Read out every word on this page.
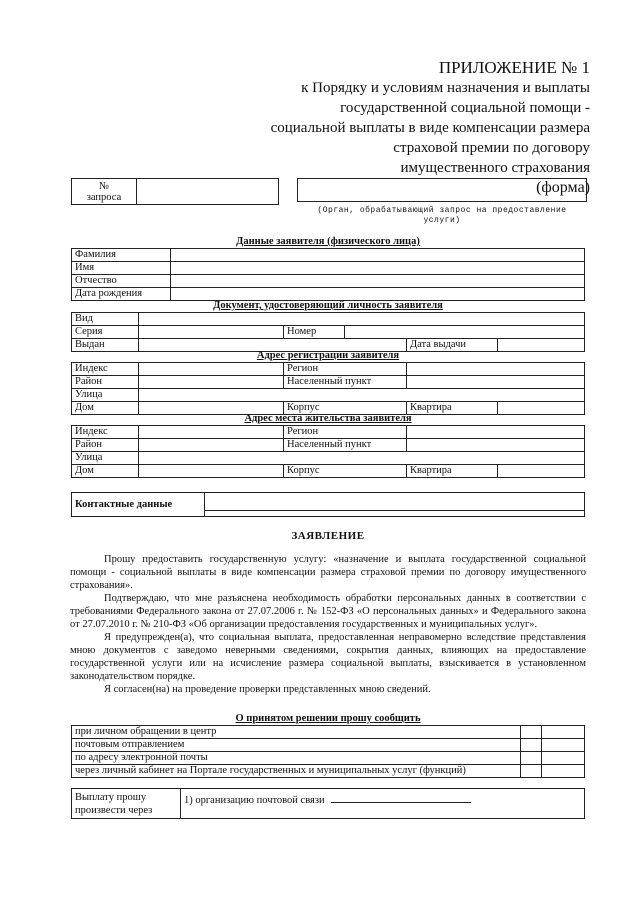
ПРИЛОЖЕНИЕ № 1
к Порядку и условиям назначения и выплаты
государственной социальной помощи -
социальной выплаты в виде компенсации размера
страховой премии по договору
имущественного страхования
(форма)
№
запроса

(Орган, обрабатывающий запрос на предоставление услуги)
Данные заявителя (физического лица)
Фамилия	
Имя	
Отчество	
Дата рождения	
Документ, удостоверяющий личность заявителя
Вид					
Серия		Номер			
Выдан				Дата выдачи	
Адрес регистрации заявителя
Индекс		Регион		
Район		Населенный пункт		
Улица				
Дом		Корпус	Квартира	
Адрес места жительства заявителя
Индекс		Регион		
Район		Населенный пункт		
Улица				
Дом		Корпус	Квартира	
Контактные данные	
ЗАЯВЛЕНИЕ

Прошу предоставить государственную услугу: «назначение и выплата государственной социальной помощи - социальной выплаты в виде компенсации размера страховой премии по договору имущественного страхования».

Подтверждаю, что мне разъяснена необходимость обработки персональных данных в соответствии с требованиями Федерального закона от 27.07.2006 г. № 152-ФЗ «О персональных данных» и Федерального закона от 27.07.2010 г. № 210-ФЗ «Об организации предоставления государственных и муниципальных услуг».

Я предупрежден(а), что социальная выплата, предоставленная неправомерно вследствие представления мною документов с заведомо неверными сведениями, сокрытия данных, влияющих на предоставление государственной услуги или на исчисление размера социальной выплаты, взыскивается в установленном законодательством порядке.

Я согласен(на) на проведение проверки представленных мною сведений.

О принятом решении прошу сообщить
при личном обращении в центр		
почтовым отправлением		
по адресу электронной почты		
через личный кабинет на Портале государственных и муниципальных услуг (функций)		
Выплату прошу произвести через	1) организацию почтовой связи
